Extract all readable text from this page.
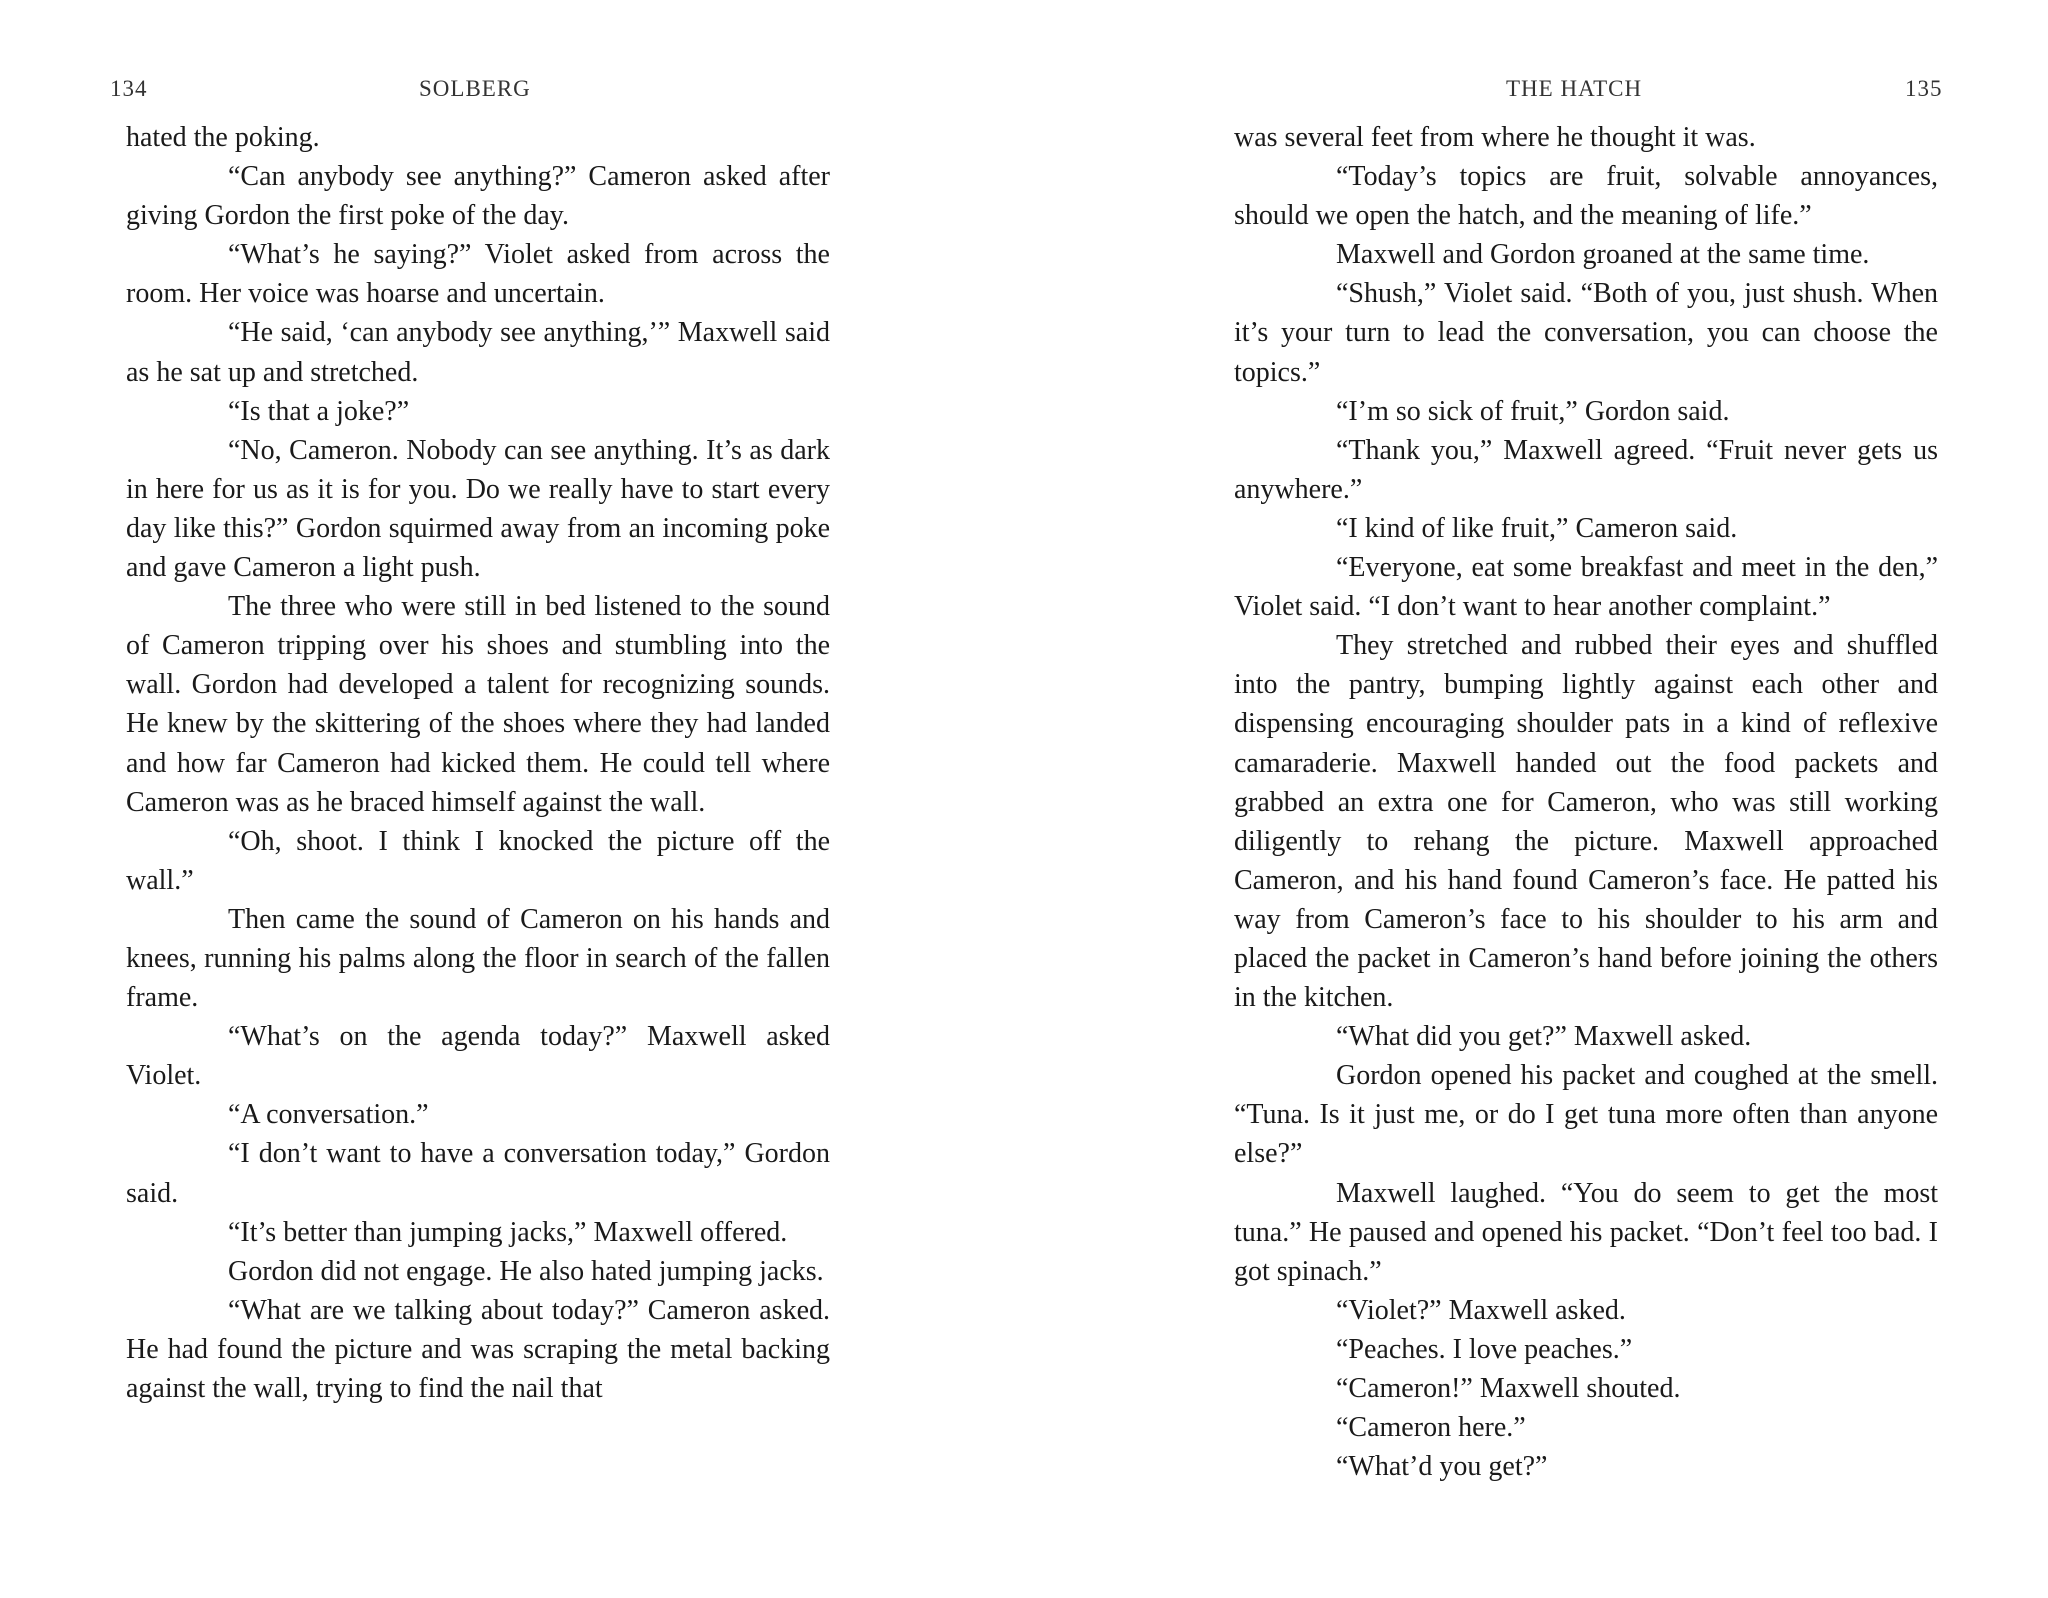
134	SOLBERG

hated the poking.

“Can anybody see anything?” Cameron asked after giving Gordon the first poke of the day.

“What’s he saying?” Violet asked from across the room. Her voice was hoarse and uncertain.

“He said, ‘can anybody see anything,’” Maxwell said as he sat up and stretched.

“Is that a joke?”

“No, Cameron. Nobody can see anything. It’s as dark in here for us as it is for you. Do we really have to start every day like this?” Gordon squirmed away from an incoming poke and gave Cameron a light push.

The three who were still in bed listened to the sound of Cameron tripping over his shoes and stumbling into the wall. Gordon had developed a talent for recognizing sounds. He knew by the skittering of the shoes where they had landed and how far Cameron had kicked them. He could tell where Cameron was as he braced himself against the wall.

“Oh, shoot. I think I knocked the picture off the wall.”

Then came the sound of Cameron on his hands and knees, running his palms along the floor in search of the fallen frame.

“What’s on the agenda today?” Maxwell asked Violet.

“A conversation.”

“I don’t want to have a conversation today,” Gordon said.

“It’s better than jumping jacks,” Maxwell offered.

Gordon did not engage. He also hated jumping jacks.

“What are we talking about today?” Cameron asked. He had found the picture and was scraping the metal backing against the wall, trying to find the nail that

THE HATCH	135

was several feet from where he thought it was.

“Today’s topics are fruit, solvable annoyances, should we open the hatch, and the meaning of life.”

Maxwell and Gordon groaned at the same time.

“Shush,” Violet said. “Both of you, just shush. When it’s your turn to lead the conversation, you can choose the topics.”

“I’m so sick of fruit,” Gordon said.

“Thank you,” Maxwell agreed. “Fruit never gets us anywhere.”

“I kind of like fruit,” Cameron said.

“Everyone, eat some breakfast and meet in the den,” Violet said. “I don’t want to hear another complaint.”

They stretched and rubbed their eyes and shuffled into the pantry, bumping lightly against each other and dispensing encouraging shoulder pats in a kind of reflexive camaraderie. Maxwell handed out the food packets and grabbed an extra one for Cameron, who was still working diligently to rehang the picture. Maxwell approached Cameron, and his hand found Cameron’s face. He patted his way from Cameron’s face to his shoulder to his arm and placed the packet in Cameron’s hand before joining the others in the kitchen.

“What did you get?” Maxwell asked.

Gordon opened his packet and coughed at the smell. “Tuna. Is it just me, or do I get tuna more often than anyone else?”

Maxwell laughed. “You do seem to get the most tuna.” He paused and opened his packet. “Don’t feel too bad. I got spinach.”

“Violet?” Maxwell asked.

“Peaches. I love peaches.”

“Cameron!” Maxwell shouted.

“Cameron here.”

“What’d you get?”
